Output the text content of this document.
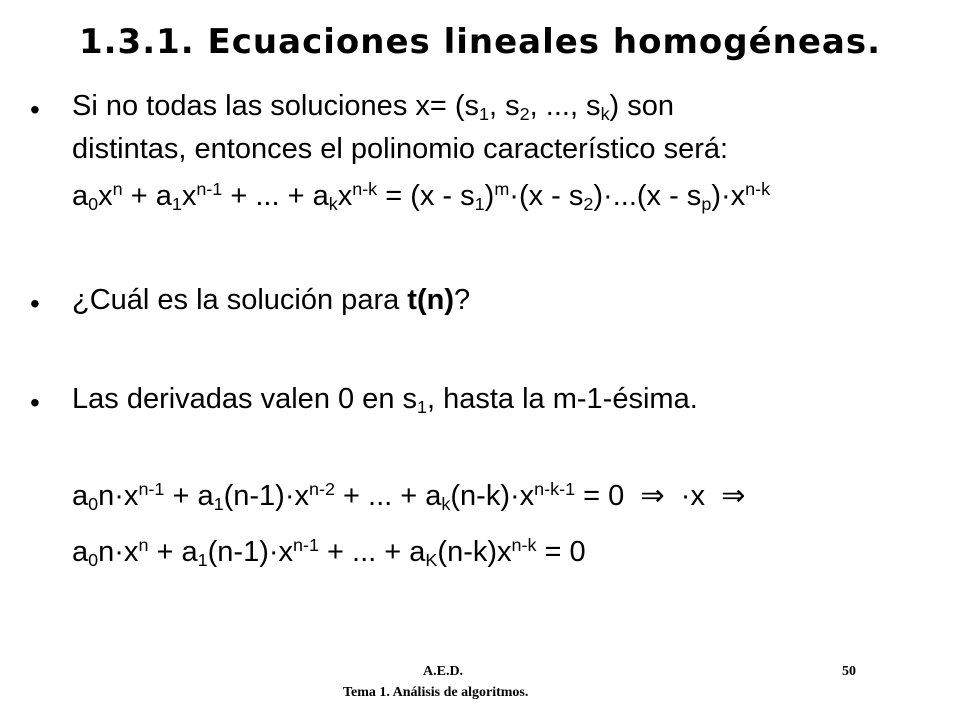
1.3.1. Ecuaciones lineales homogéneas.
• Si no todas las soluciones $x= (s_1$, $s_2$, ..., $s_k$) son
distintas, entonces el polinomio característico será:
$a_0x^n + a_1x^{n-1}$ + ... + $a_kx^{n-k} = (x - s_1)^m\cdot(x - s_2)\cdot...(x - s_p)\cdot x^{n-k}$
• ¿Cuál es la solución para t(n)?
• Las derivadas valen 0 en $s_1$, hasta la m-1-ésima.
$a_0n\cdot x^{n-1} + a_1(n-1)\cdot x^{n-2}$ + ... + $a_k(n-k)\cdot x^{n-k-1} = 0$  ⇒  ·x  ⇒
$a_0n\cdot x^n + a_1(n-1)\cdot x^{n-1}$ + ... + $a_K(n-k)x^{n-k} = 0$
A.E.D.
Tema 1. Análisis de algoritmos.
50
